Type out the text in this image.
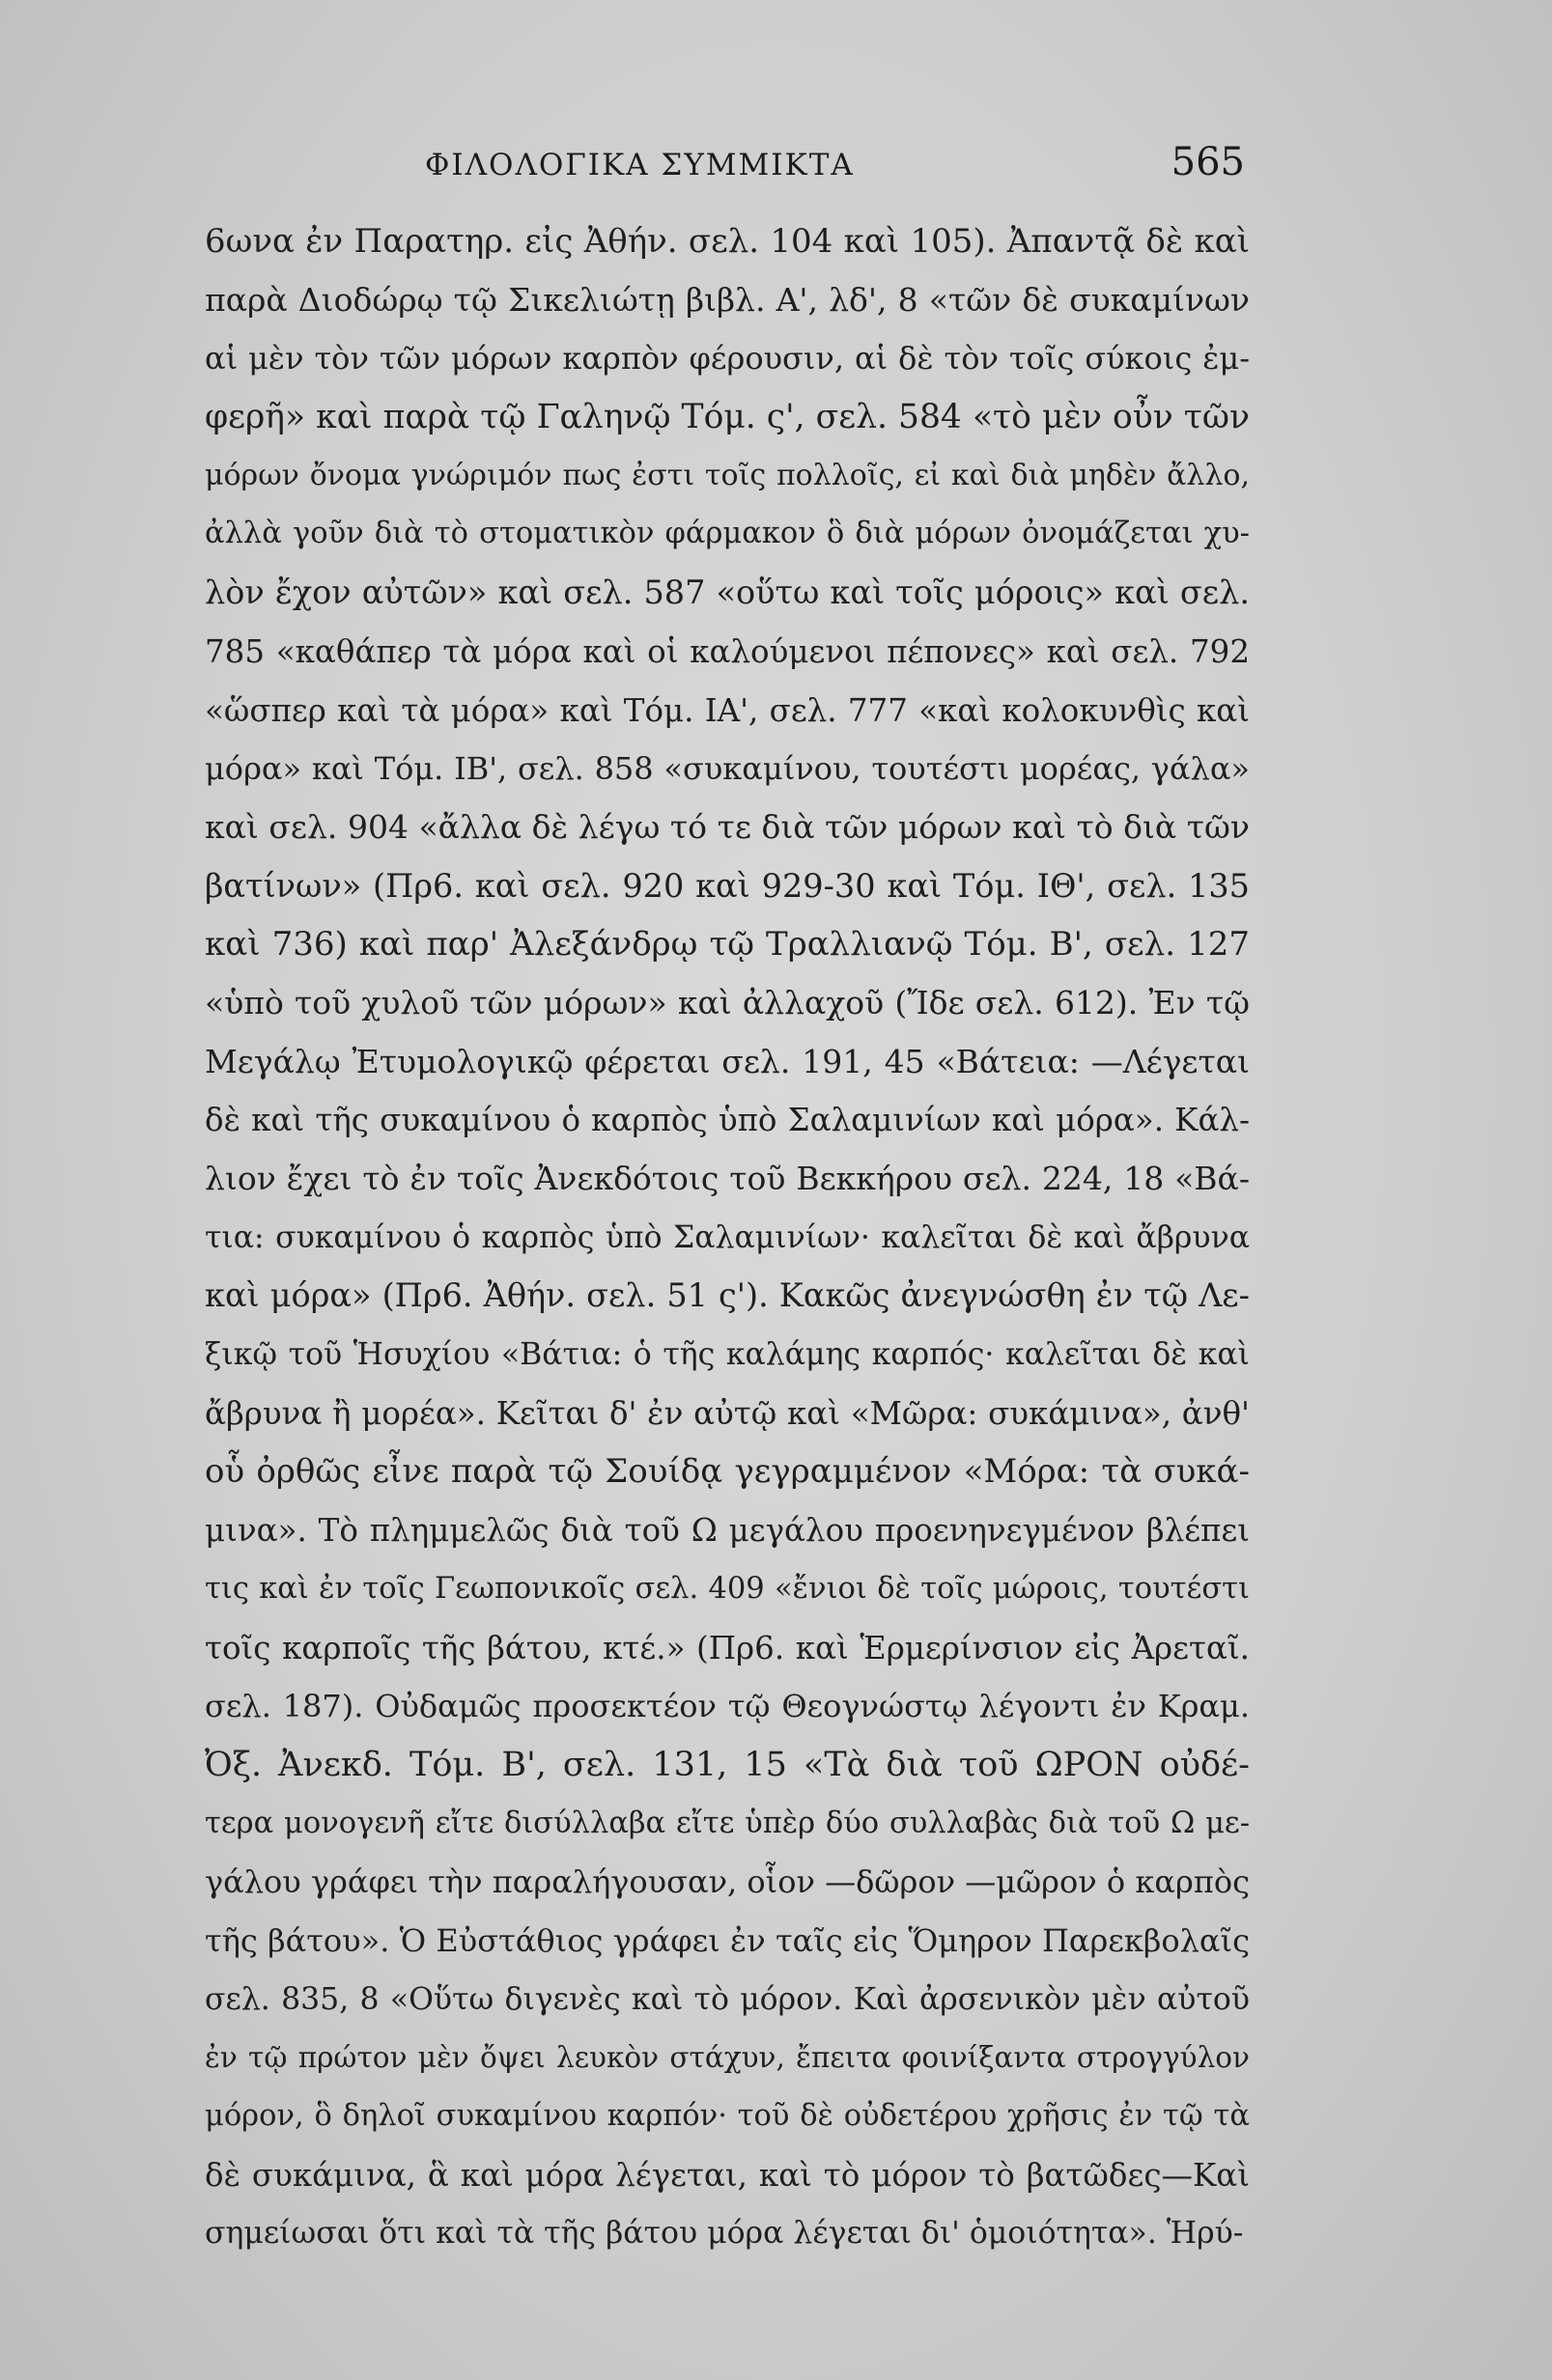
ΦΙΛΟΛΟΓΙΚΑ ΣΥΜΜΙΚΤΑ	565
6ωνα ἐν Παρατηρ. εἰς Ἀθήν. σελ. 104 καὶ 105). Ἀπαντᾷ δὲ καὶ
παρὰ Διοδώρῳ τῷ Σικελιώτῃ βιβλ. Α', λδ', 8 «τῶν δὲ συκαμίνων
αἱ μὲν τὸν τῶν μόρων καρπὸν φέρουσιν, αἱ δὲ τὸν τοῖς σύκοις ἐμ-
φερῆ» καὶ παρὰ τῷ Γαληνῷ Τόμ. ς', σελ. 584 «τὸ μὲν οὖν τῶν
μόρων ὄνομα γνώριμόν πως ἐστι τοῖς πολλοῖς, εἰ καὶ διὰ μηδὲν ἄλλο,
ἀλλὰ γοῦν διὰ τὸ στοματικὸν φάρμακον ὃ διὰ μόρων ὀνομάζεται χυ-
λὸν ἔχον αὐτῶν» καὶ σελ. 587 «οὕτω καὶ τοῖς μόροις» καὶ σελ.
785 «καθάπερ τὰ μόρα καὶ οἱ καλούμενοι πέπονες» καὶ σελ. 792
«ὥσπερ καὶ τὰ μόρα» καὶ Τόμ. ΙΑ', σελ. 777 «καὶ κολοκυνθὶς καὶ
μόρα» καὶ Τόμ. ΙΒ', σελ. 858 «συκαμίνου, τουτέστι μορέας, γάλα»
καὶ σελ. 904 «ἄλλα δὲ λέγω τό τε διὰ τῶν μόρων καὶ τὸ διὰ τῶν
βατίνων» (Πρ6. καὶ σελ. 920 καὶ 929-30 καὶ Τόμ. ΙΘ', σελ. 135
καὶ 736) καὶ παρ' Ἀλεξάνδρῳ τῷ Τραλλιανῷ Τόμ. Β', σελ. 127
«ὑπὸ τοῦ χυλοῦ τῶν μόρων» καὶ ἀλλαχοῦ (Ἴδε σελ. 612). Ἐν τῷ
Μεγάλῳ Ἐτυμολογικῷ φέρεται σελ. 191, 45 «Βάτεια: —Λέγεται
δὲ καὶ τῆς συκαμίνου ὁ καρπὸς ὑπὸ Σαλαμινίων καὶ μόρα». Κάλ-
λιον ἔχει τὸ ἐν τοῖς Ἀνεκδότοις τοῦ Βεκκήρου σελ. 224, 18 «Βά-
τια: συκαμίνου ὁ καρπὸς ὑπὸ Σαλαμινίων· καλεῖται δὲ καὶ ἄβρυνα
καὶ μόρα» (Πρ6. Ἀθήν. σελ. 51 ς'). Κακῶς ἀνεγνώσθη ἐν τῷ Λε-
ξικῷ τοῦ Ἡσυχίου «Βάτια: ὁ τῆς καλάμης καρπός· καλεῖται δὲ καὶ
ἄβρυνα ἢ μορέα». Κεῖται δ' ἐν αὐτῷ καὶ «Μῶρα: συκάμινα», ἀνθ'
οὗ ὀρθῶς εἶνε παρὰ τῷ Σουίδᾳ γεγραμμένον «Μόρα: τὰ συκά-
μινα». Τὸ πλημμελῶς διὰ τοῦ Ω μεγάλου προενηνεγμένον βλέπει
τις καὶ ἐν τοῖς Γεωπονικοῖς σελ. 409 «ἔνιοι δὲ τοῖς μώροις, τουτέστι
τοῖς καρποῖς τῆς βάτου, κτέ.» (Πρ6. καὶ Ἑρμερίνσιον εἰς Ἀρεταῖ.
σελ. 187). Οὐδαμῶς προσεκτέον τῷ Θεογνώστῳ λέγοντι ἐν Κραμ.
Ὀξ. Ἀνεκδ. Τόμ. Β', σελ. 131, 15 «Τὰ διὰ τοῦ ΩΡΟΝ οὐδέ-
τερα μονογενῆ εἴτε δισύλλαβα εἴτε ὑπὲρ δύο συλλαβὰς διὰ τοῦ Ω με-
γάλου γράφει τὴν παραλήγουσαν, οἷον —δῶρον —μῶρον ὁ καρπὸς
τῆς βάτου». Ὁ Εὐστάθιος γράφει ἐν ταῖς εἰς Ὅμηρον Παρεκβολαῖς
σελ. 835, 8 «Οὕτω διγενὲς καὶ τὸ μόρον. Καὶ ἀρσενικὸν μὲν αὐτοῦ
ἐν τῷ πρώτον μὲν ὄψει λευκὸν στάχυν, ἔπειτα φοινίξαντα στρογγύλον
μόρον, ὃ δηλοῖ συκαμίνου καρπόν· τοῦ δὲ οὐδετέρου χρῆσις ἐν τῷ τὰ
δὲ συκάμινα, ἃ καὶ μόρα λέγεται, καὶ τὸ μόρον τὸ βατῶδες—Καὶ
σημείωσαι ὅτι καὶ τὰ τῆς βάτου μόρα λέγεται δι' ὁμοιότητα». Ἡρύ-
